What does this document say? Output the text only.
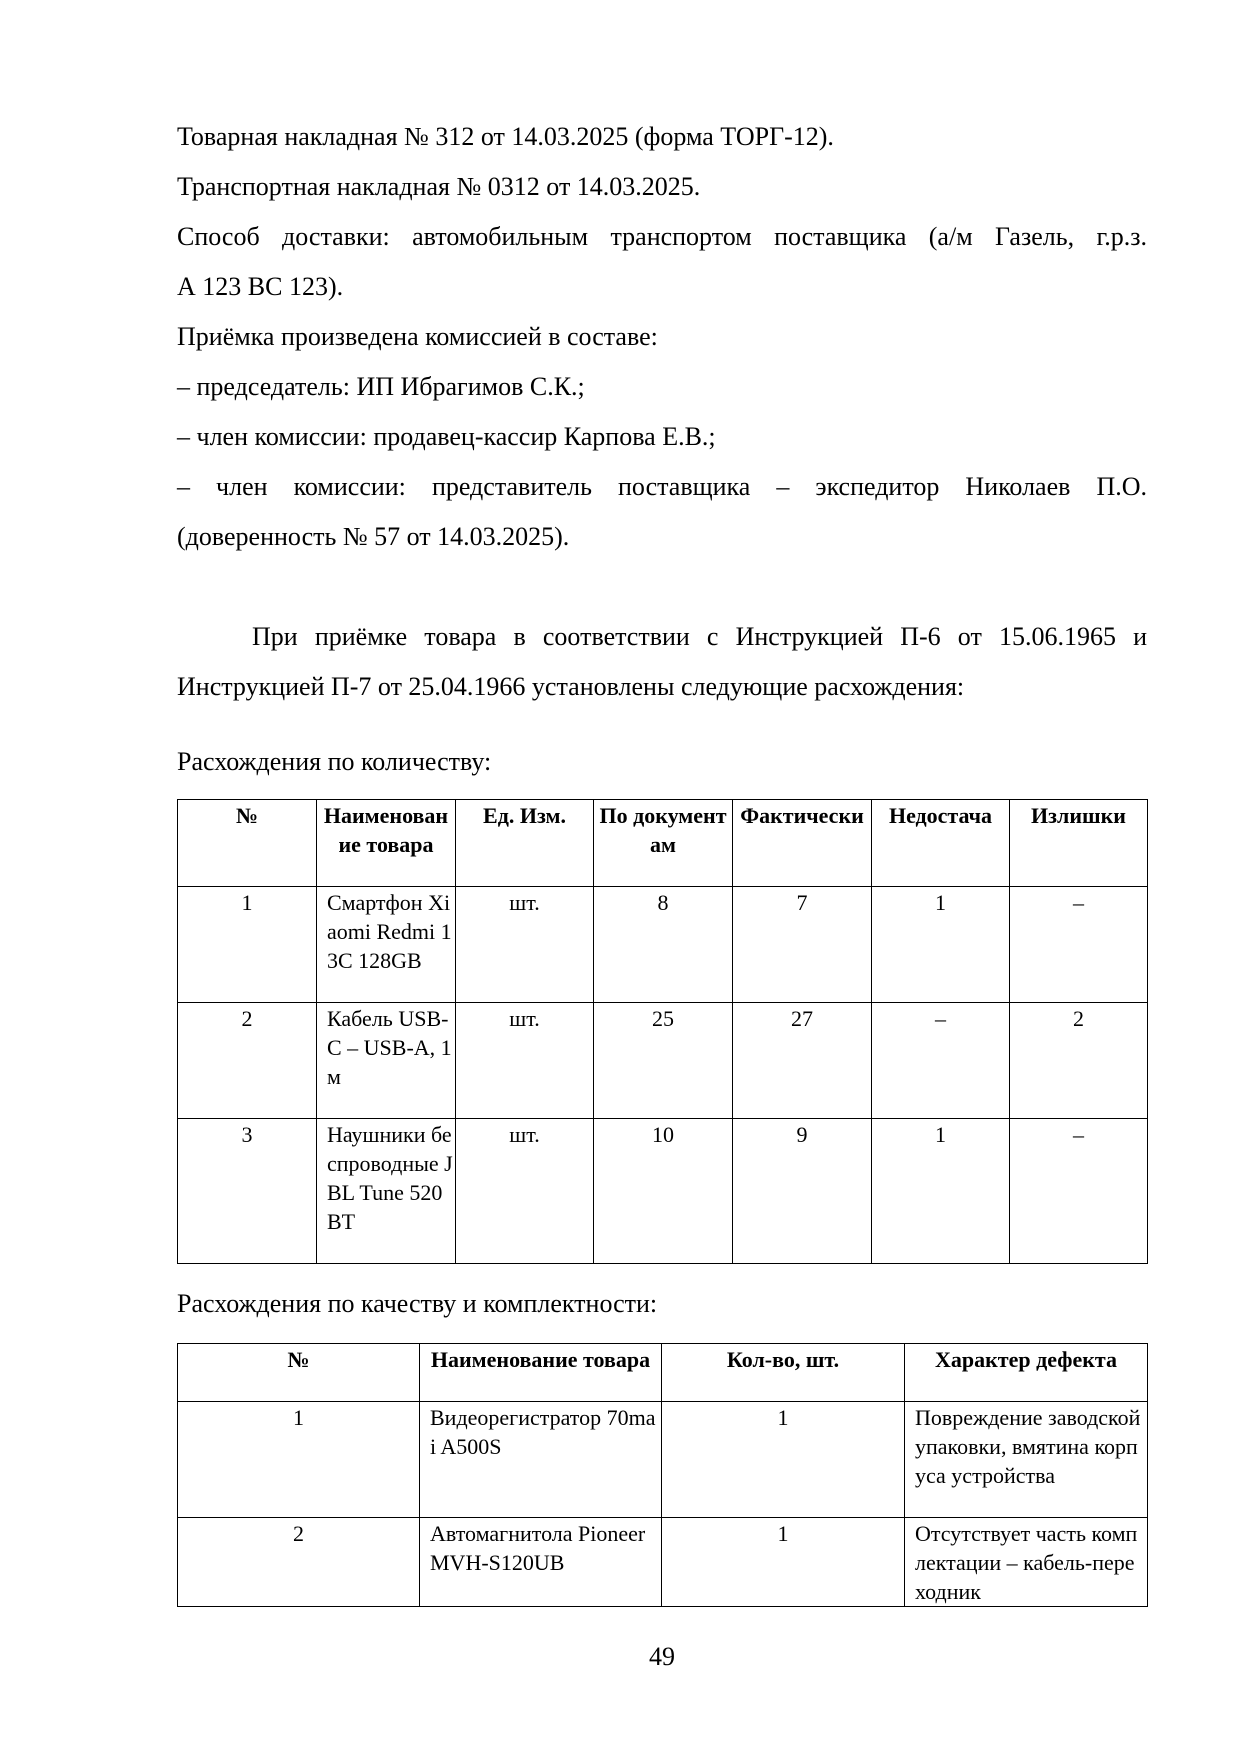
Товарная накладная № 312 от 14.03.2025 (форма ТОРГ-12).
Транспортная накладная № 0312 от 14.03.2025.
Способ доставки: автомобильным транспортом поставщика (а/м Газель, г.р.з.
А 123 ВС 123).
Приёмка произведена комиссией в составе:
– председатель: ИП Ибрагимов С.К.;
– член комиссии: продавец-кассир Карпова Е.В.;
– член комиссии: представитель поставщика – экспедитор Николаев П.О.
(доверенность № 57 от 14.03.2025).
При приёмке товара в соответствии с Инструкцией П-6 от 15.06.1965 и
Инструкцией П-7 от 25.04.1966 установлены следующие расхождения:
Расхождения по количеству:
№	Наименование товара	Ед. Изм.	По документам	Фактически	Недостача	Излишки
1	Смартфон Xiaomi Redmi 13C 128GB	шт.	8	7	1	–
2	Кабель USB-C – USB-A, 1 м	шт.	25	27	–	2
3	Наушники беспроводные JBL Tune 520BT	шт.	10	9	1	–
Расхождения по качеству и комплектности:
№	Наименование товара	Кол-во, шт.	Характер дефекта
1	Видеорегистратор 70mai A500S	1	Повреждение заводской упаковки, вмятина корпуса устройства
2	Автомагнитола Pioneer MVH-S120UB	1	Отсутствует часть комплектации – кабель-переходник
49
